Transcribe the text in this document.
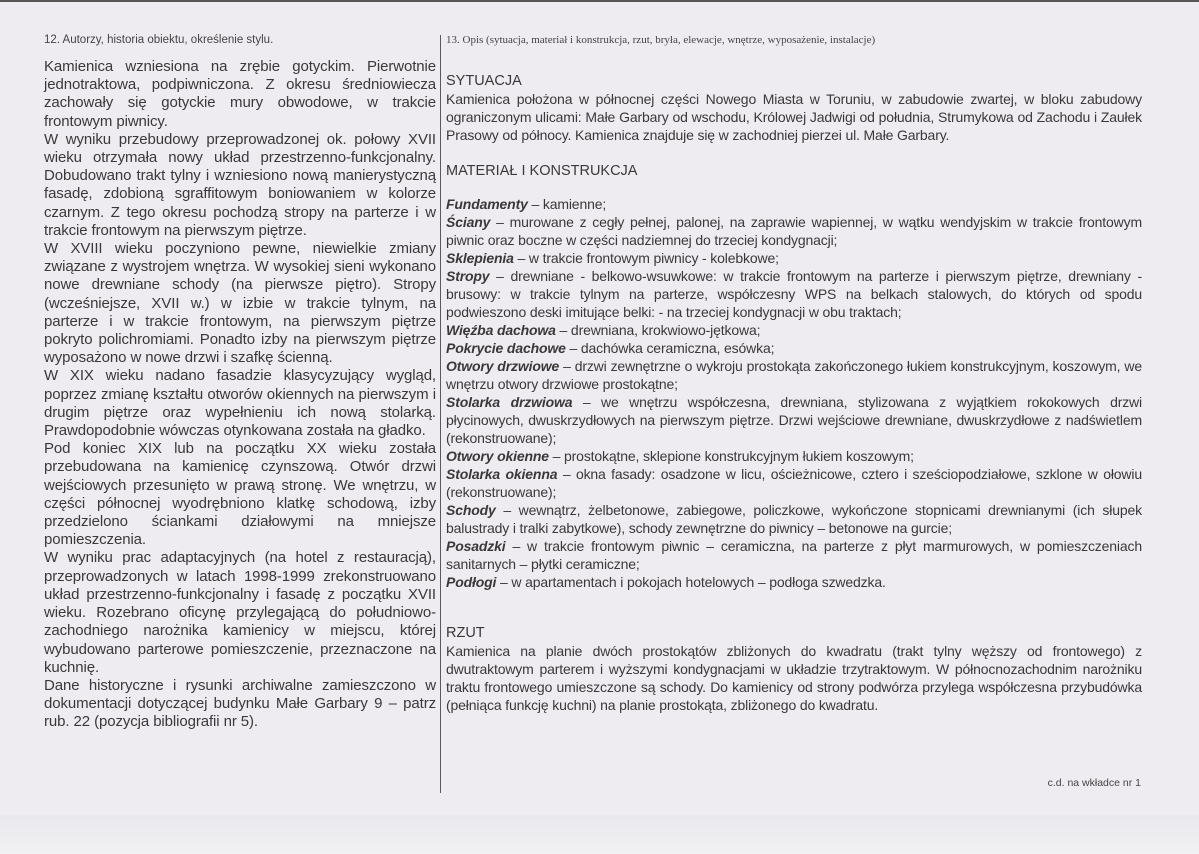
12. Autorzy, historia obiektu, określenie stylu.

Kamienica wzniesiona na zrębie gotyckim. Pierwotnie jednotraktowa, podpiwniczona. Z okresu średniowiecza zachowały się gotyckie mury obwodowe, w trakcie frontowym piwnicy.

W wyniku przebudowy przeprowadzonej ok. połowy XVII wieku otrzymała nowy układ przestrzenno-funkcjonalny. Dobudowano trakt tylny i wzniesiono nową manierystyczną fasadę, zdobioną sgraffitowym boniowaniem w kolorze czarnym. Z tego okresu pochodzą stropy na parterze i w trakcie frontowym na pierwszym piętrze.

W XVIII wieku poczyniono pewne, niewielkie zmiany związane z wystrojem wnętrza. W wysokiej sieni wykonano nowe drewniane schody (na pierwsze piętro). Stropy (wcześniejsze, XVII w.) w izbie w trakcie tylnym, na parterze i w trakcie frontowym, na pierwszym piętrze pokryto polichromiami. Ponadto izby na pierwszym piętrze wyposażono w nowe drzwi i szafkę ścienną.

W XIX wieku nadano fasadzie klasycyzujący wygląd, poprzez zmianę kształtu otworów okiennych na pierwszym i drugim piętrze oraz wypełnieniu ich nową stolarką. Prawdopodobnie wówczas otynkowana została na gładko.

Pod koniec XIX lub na początku XX wieku została przebudowana na kamienicę czynszową. Otwór drzwi wejściowych przesunięto w prawą stronę. We wnętrzu, w części północnej wyodrębniono klatkę schodową, izby przedzielono ściankami działowymi na mniejsze pomieszczenia.

W wyniku prac adaptacyjnych (na hotel z restauracją), przeprowadzonych w latach 1998-1999 zrekonstruowano układ przestrzenno-funkcjonalny i fasadę z początku XVII wieku. Rozebrano oficynę przylegającą do południowo-zachodniego narożnika kamienicy w miejscu, której wybudowano parterowe pomieszczenie, przeznaczone na kuchnię.

Dane historyczne i rysunki archiwalne zamieszczono w dokumentacji dotyczącej budynku Małe Garbary 9 – patrz rub. 22 (pozycja bibliografii nr 5).

13. Opis (sytuacja, materiał i konstrukcja, rzut, bryła, elewacje, wnętrze, wyposażenie, instalacje)
SYTUACJA

Kamienica położona w północnej części Nowego Miasta w Toruniu, w zabudowie zwartej, w bloku zabudowy ograniczonym ulicami: Małe Garbary od wschodu, Królowej Jadwigi od południa, Strumykowa od Zachodu i Zaułek Prasowy od północy. Kamienica znajduje się w zachodniej pierzei ul. Małe Garbary.

MATERIAŁ I KONSTRUKCJA

Fundamenty – kamienne;

Ściany – murowane z cegły pełnej, palonej, na zaprawie wapiennej, w wątku wendyjskim w trakcie frontowym piwnic oraz boczne w części nadziemnej do trzeciej kondygnacji;

Sklepienia – w trakcie frontowym piwnicy - kolebkowe;

Stropy – drewniane - belkowo-wsuwkowe: w trakcie frontowym na parterze i pierwszym piętrze, drewniany - brusowy: w trakcie tylnym na parterze, współczesny WPS na belkach stalowych, do których od spodu podwieszono deski imitujące belki: - na trzeciej kondygnacji w obu traktach;

Więźba dachowa – drewniana, krokwiowo-jętkowa;

Pokrycie dachowe – dachówka ceramiczna, esówka;

Otwory drzwiowe – drzwi zewnętrzne o wykroju prostokąta zakończonego łukiem konstrukcyjnym, koszowym, we wnętrzu otwory drzwiowe prostokątne;

Stolarka drzwiowa – we wnętrzu współczesna, drewniana, stylizowana z wyjątkiem rokokowych drzwi płycinowych, dwuskrzydłowych na pierwszym piętrze. Drzwi wejściowe drewniane, dwuskrzydłowe z nadświetlem (rekonstruowane);

Otwory okienne – prostokątne, sklepione konstrukcyjnym łukiem koszowym;

Stolarka okienna – okna fasady: osadzone w licu, ościeżnicowe, cztero i sześciopodziałowe, szklone w ołowiu (rekonstruowane);

Schody – wewnątrz, żelbetonowe, zabiegowe, policzkowe, wykończone stopnicami drewnianymi (ich słupek balustrady i tralki zabytkowe), schody zewnętrzne do piwnicy – betonowe na gurcie;

Posadzki – w trakcie frontowym piwnic – ceramiczna, na parterze z płyt marmurowych, w pomieszczeniach sanitarnych – płytki ceramiczne;

Podłogi – w apartamentach i pokojach hotelowych – podłoga szwedzka.

RZUT

Kamienica na planie dwóch prostokątów zbliżonych do kwadratu (trakt tylny węższy od frontowego) z dwutraktowym parterem i wyższymi kondygnacjami w układzie trzytraktowym. W północnozachodnim narożniku traktu frontowego umieszczone są schody. Do kamienicy od strony podwórza przylega współczesna przybudówka (pełniąca funkcję kuchni) na planie prostokąta, zbliżonego do kwadratu.

c.d. na wkładce nr 1
